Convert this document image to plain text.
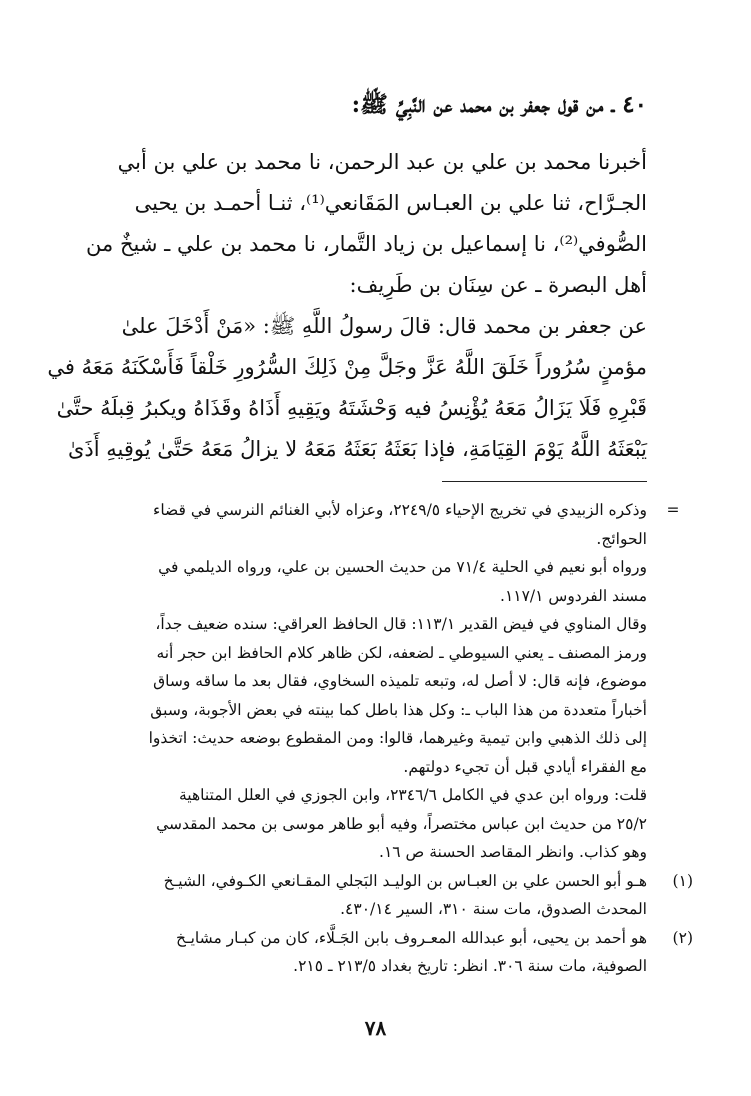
٤٠ ـ من قول جعفر بن محمد عن النَّبِيِّ ﷺ:
أخبرنا محمد بن علي بن عبد الرحمن، نا محمد بن علي بن أبي
الجـرَّاح، ثنا علي بن العبـاس المَقَانعي⁽¹⁾، ثنـا أحمـد بن يحيى
الصُّوفي⁽²⁾، نا إسماعيل بن زياد التَّمار، نا محمد بن علي ـ شيخٌ من
أهل البصرة ـ عن سِنَان بن طَرِيف:
عن جعفر بن محمد قال: قالَ رسولُ اللَّهِ ﷺ: «مَنْ أَدْخَلَ علىٰ
مؤمنٍ سُرُوراً خَلَقَ اللَّهُ عَزَّ وجَلَّ مِنْ ذَلِكَ السُّرُورِ خَلْقاً فَأَسْكَنَهُ مَعَهُ في
قَبْرِهِ فَلَا يَزَالُ مَعَهُ يُؤْنِسُ فيه وَحْشَتَهُ ويَقِيهِ أَذَاهُ وقَذَاهُ ويكبرُ قِبلَهُ حتَّىٰ
يَبْعَثَهُ اللَّهُ يَوْمَ القِيَامَةِ، فإذا بَعَثَهُ بَعَثَهُ مَعَهُ لا يزالُ مَعَهُ حَتَّىٰ يُوقِيهِ أَذَىٰ
=
وذكره الزبيدي في تخريج الإحياء ٢٢٤٩/٥، وعزاه لأبي الغنائم النرسي في قضاء
الحوائج.
ورواه أبو نعيم في الحلية ٧١/٤ من حديث الحسين بن علي، ورواه الديلمي في
مسند الفردوس ١١٧/١.
وقال المناوي في فيض القدير ١١٣/١: قال الحافظ العراقي: سنده ضعيف جداً،
ورمز المصنف ـ يعني السيوطي ـ لضعفه، لكن ظاهر كلام الحافظ ابن حجر أنه
موضوع، فإنه قال: لا أصل له، وتبعه تلميذه السخاوي، فقال بعد ما ساقه وساق
أخباراً متعددة من هذا الباب ـ: وكل هذا باطل كما بينته في بعض الأجوبة، وسبق
إلى ذلك الذهبي وابن تيمية وغيرهما، قالوا: ومن المقطوع بوضعه حديث: اتخذوا
مع الفقراء أيادي قبل أن تجيء دولتهم.
قلت: ورواه ابن عدي في الكامل ٢٣٤٦/٦، وابن الجوزي في العلل المتناهية
٢٥/٢ من حديث ابن عباس مختصراً، وفيه أبو طاهر موسى بن محمد المقدسي
وهو كذاب. وانظر المقاصد الحسنة ص ١٦.
(١)
هـو أبو الحسن علي بن العبـاس بن الوليـد البَجلي المقـانعي الكـوفي، الشيـخ
المحدث الصدوق، مات سنة ٣١٠، السير ٤٣٠/١٤.
(٢)
هو أحمد بن يحيى، أبو عبدالله المعـروف بابن الجَـلَّاء، كان من كبـار مشايـخ
الصوفية، مات سنة ٣٠٦. انظر: تاريخ بغداد ٢١٣/٥ ـ ٢١٥.
٧٨
